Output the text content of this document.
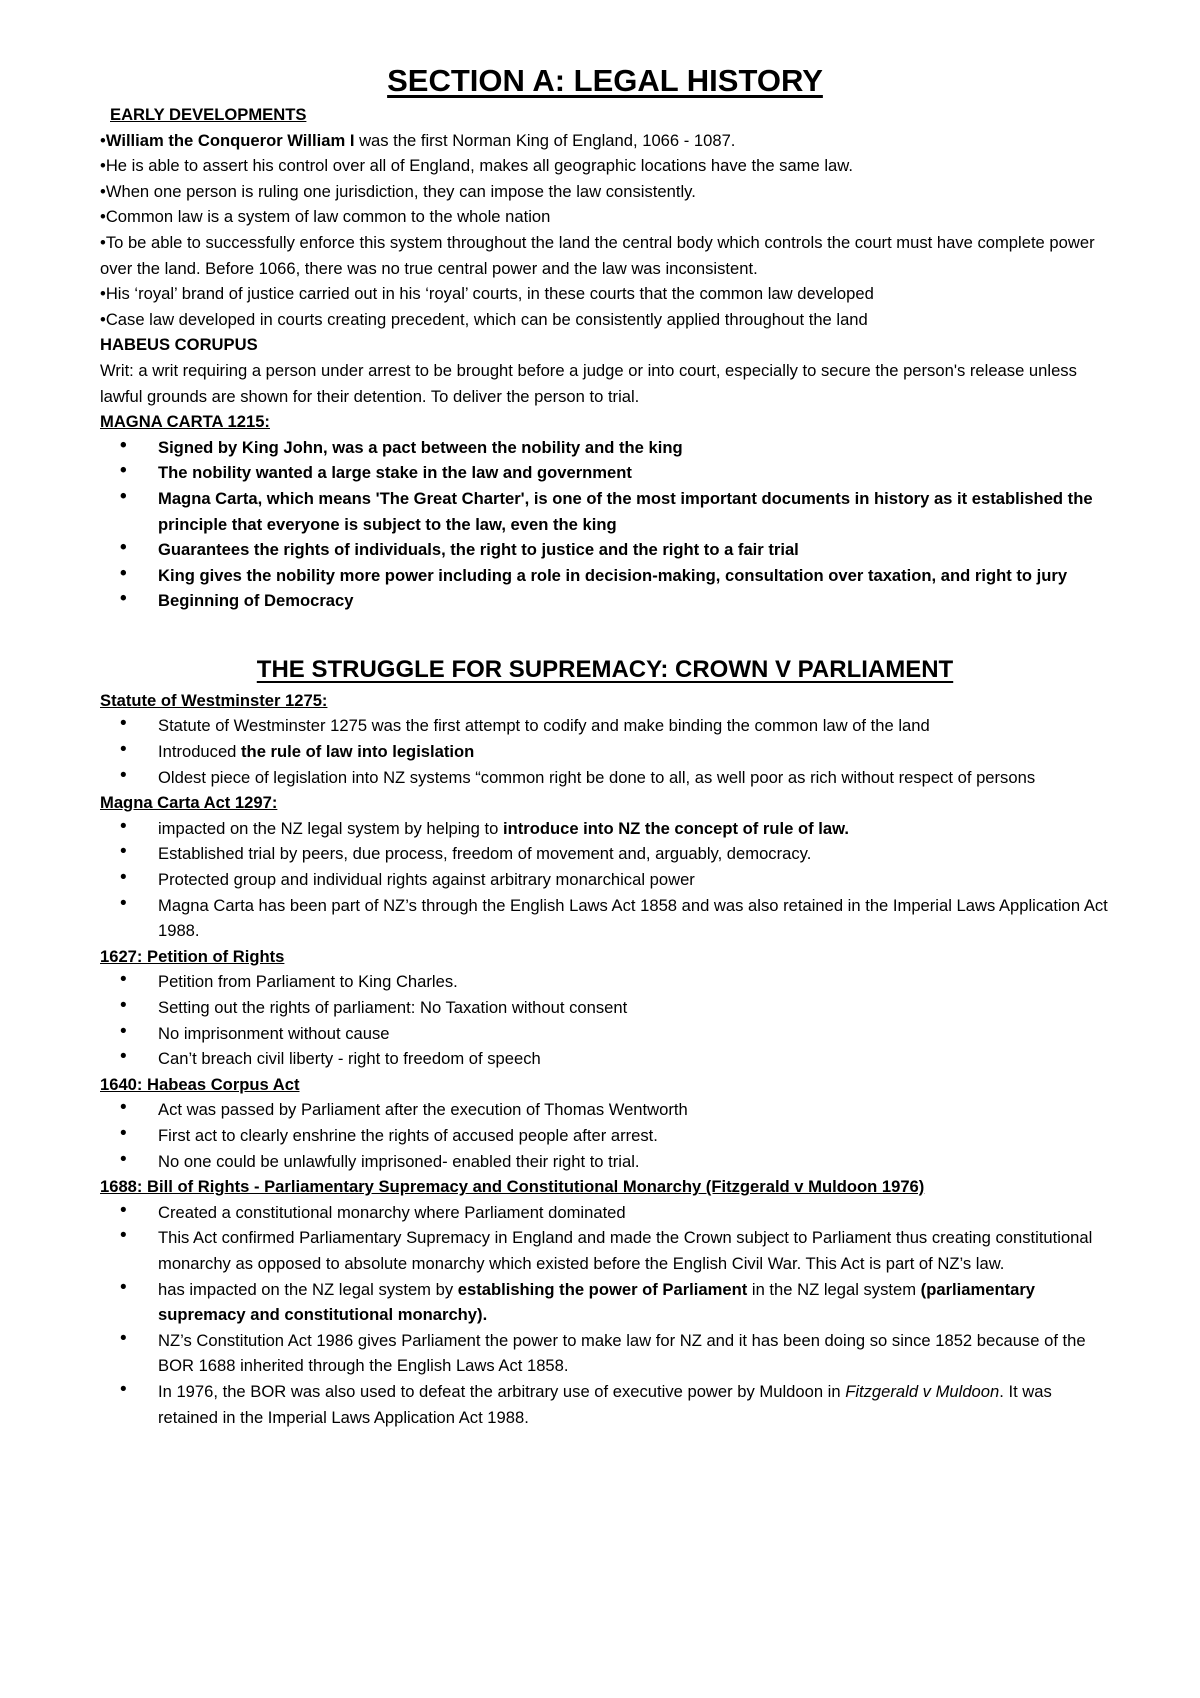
SECTION A: LEGAL HISTORY

EARLY DEVELOPMENTS

• William the Conqueror William I was the first Norman King of England, 1066 - 1087.

• He is able to assert his control over all of England, makes all geographic locations have the same law.

• When one person is ruling one jurisdiction, they can impose the law consistently.

• Common law is a system of law common to the whole nation

• To be able to successfully enforce this system throughout the land the central body which controls the court must have complete power over the land. Before 1066, there was no true central power and the law was inconsistent.

• His ‘royal’ brand of justice carried out in his ‘royal’ courts, in these courts that the common law developed

• Case law developed in courts creating precedent, which can be consistently applied throughout the land

HABEUS CORUPUS

Writ: a writ requiring a person under arrest to be brought before a judge or into court, especially to secure the person's release unless lawful grounds are shown for their detention. To deliver the person to trial.

MAGNA CARTA 1215:

• Signed by King John, was a pact between the nobility and the king
• The nobility wanted a large stake in the law and government
• Magna Carta, which means 'The Great Charter', is one of the most important documents in history as it established the principle that everyone is subject to the law, even the king
• Guarantees the rights of individuals, the right to justice and the right to a fair trial
• King gives the nobility more power including a role in decision-making, consultation over taxation, and right to jury
• Beginning of Democracy
THE STRUGGLE FOR SUPREMACY: CROWN V PARLIAMENT

Statute of Westminster 1275:

• Statute of Westminster 1275 was the first attempt to codify and make binding the common law of the land
• Introduced the rule of law into legislation
• Oldest piece of legislation into NZ systems “common right be done to all, as well poor as rich without respect of persons

Magna Carta Act 1297:

• impacted on the NZ legal system by helping to introduce into NZ the concept of rule of law.
• Established trial by peers, due process, freedom of movement and, arguably, democracy.
• Protected group and individual rights against arbitrary monarchical power
• Magna Carta has been part of NZ’s through the English Laws Act 1858 and was also retained in the Imperial Laws Application Act 1988.

1627: Petition of Rights

• Petition from Parliament to King Charles.
• Setting out the rights of parliament: No Taxation without consent
• No imprisonment without cause
• Can’t breach civil liberty - right to freedom of speech

1640: Habeas Corpus Act

• Act was passed by Parliament after the execution of Thomas Wentworth
• First act to clearly enshrine the rights of accused people after arrest.
• No one could be unlawfully imprisoned- enabled their right to trial.

1688: Bill of Rights - Parliamentary Supremacy and Constitutional Monarchy (Fitzgerald v Muldoon 1976)

• Created a constitutional monarchy where Parliament dominated
• This Act confirmed Parliamentary Supremacy in England and made the Crown subject to Parliament thus creating constitutional monarchy as opposed to absolute monarchy which existed before the English Civil War. This Act is part of NZ’s law.
• has impacted on the NZ legal system by establishing the power of Parliament in the NZ legal system (parliamentary supremacy and constitutional monarchy).
• NZ’s Constitution Act 1986 gives Parliament the power to make law for NZ and it has been doing so since 1852 because of the BOR 1688 inherited through the English Laws Act 1858.
• In 1976, the BOR was also used to defeat the arbitrary use of executive power by Muldoon in Fitzgerald v Muldoon. It was retained in the Imperial Laws Application Act 1988.
